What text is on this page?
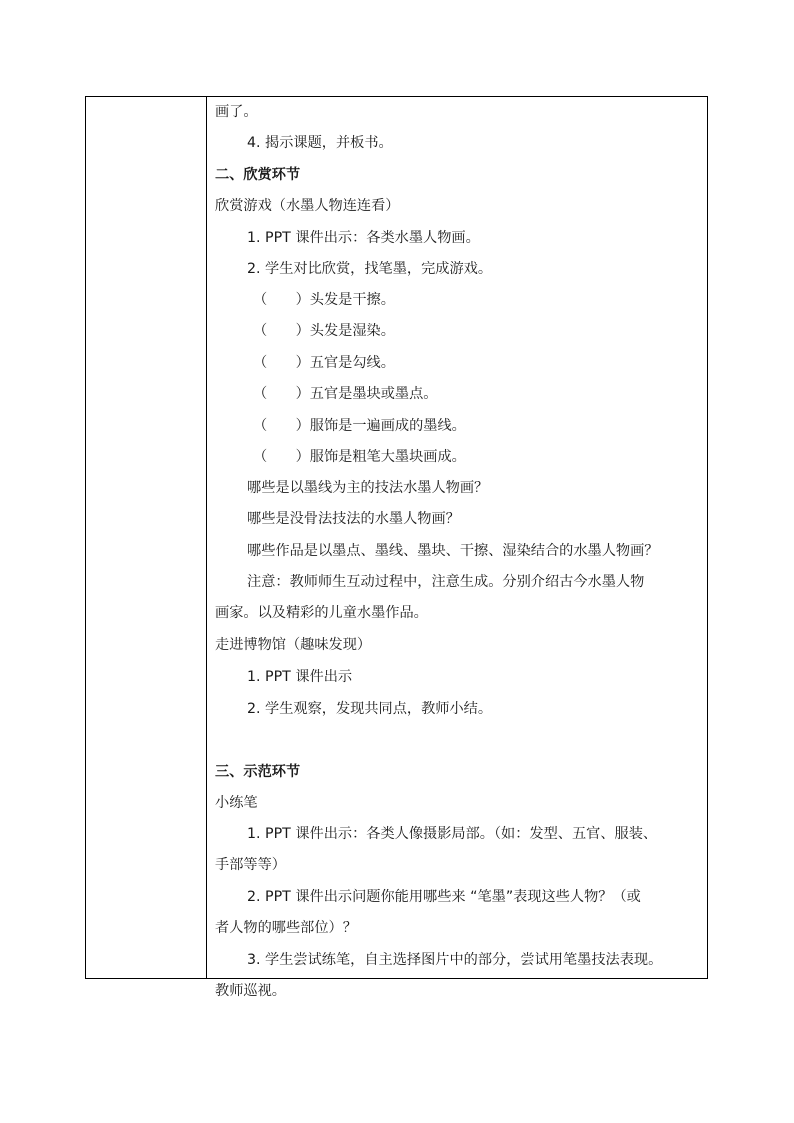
画了。
4. 揭示课题，并板书。
二、欣赏环节
欣赏游戏（水墨人物连连看）
1. PPT 课件出示：各类水墨人物画。
2. 学生对比欣赏，找笔墨，完成游戏。
（　　）头发是干擦。
（　　）头发是湿染。
（　　）五官是勾线。
（　　）五官是墨块或墨点。
（　　）服饰是一遍画成的墨线。
（　　）服饰是粗笔大墨块画成。
哪些是以墨线为主的技法水墨人物画？
哪些是没骨法技法的水墨人物画？
哪些作品是以墨点、墨线、墨块、干擦、湿染结合的水墨人物画？
注意：教师师生互动过程中，注意生成。分别介绍古今水墨人物
画家。以及精彩的儿童水墨作品。
走进博物馆（趣味发现）
1. PPT 课件出示
2. 学生观察，发现共同点，教师小结。
三、示范环节
小练笔
1. PPT 课件出示：各类人像摄影局部。（如：发型、五官、服装、
手部等等）
2. PPT 课件出示问题你能用哪些来 “笔墨”表现这些人物？（或
者人物的哪些部位）？
3. 学生尝试练笔，自主选择图片中的部分，尝试用笔墨技法表现。
教师巡视。
